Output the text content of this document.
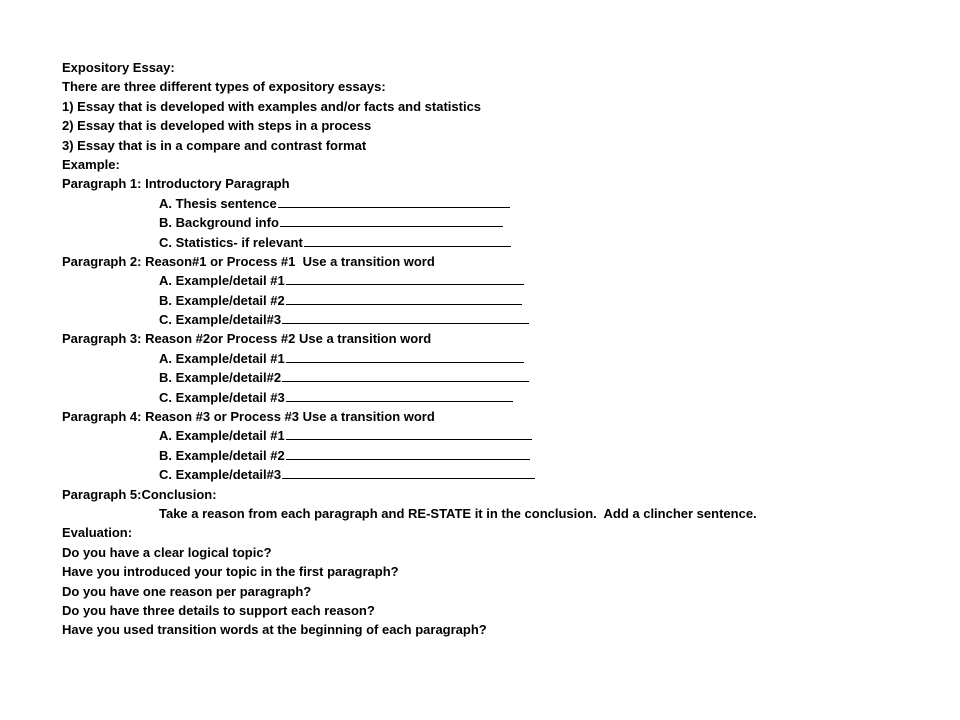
Expository Essay:
There are three different types of expository essays:
1) Essay that is developed with examples and/or facts and statistics
2) Essay that is developed with steps in a process
3) Essay that is in a compare and contrast format
Example:
Paragraph 1: Introductory Paragraph
A. Thesis sentence
B. Background info
C. Statistics- if relevant
Paragraph 2: Reason#1 or Process #1  Use a transition word
A. Example/detail #1
B. Example/detail #2
C. Example/detail#3
Paragraph 3: Reason #2or Process #2 Use a transition word
A. Example/detail #1
B. Example/detail#2
C. Example/detail #3
Paragraph 4: Reason #3 or Process #3 Use a transition word
A. Example/detail #1
B. Example/detail #2
C. Example/detail#3
Paragraph 5:Conclusion:
Take a reason from each paragraph and RE-STATE it in the conclusion.  Add a clincher sentence.
Evaluation:
Do you have a clear logical topic?
Have you introduced your topic in the first paragraph?
Do you have one reason per paragraph?
Do you have three details to support each reason?
Have you used transition words at the beginning of each paragraph?
